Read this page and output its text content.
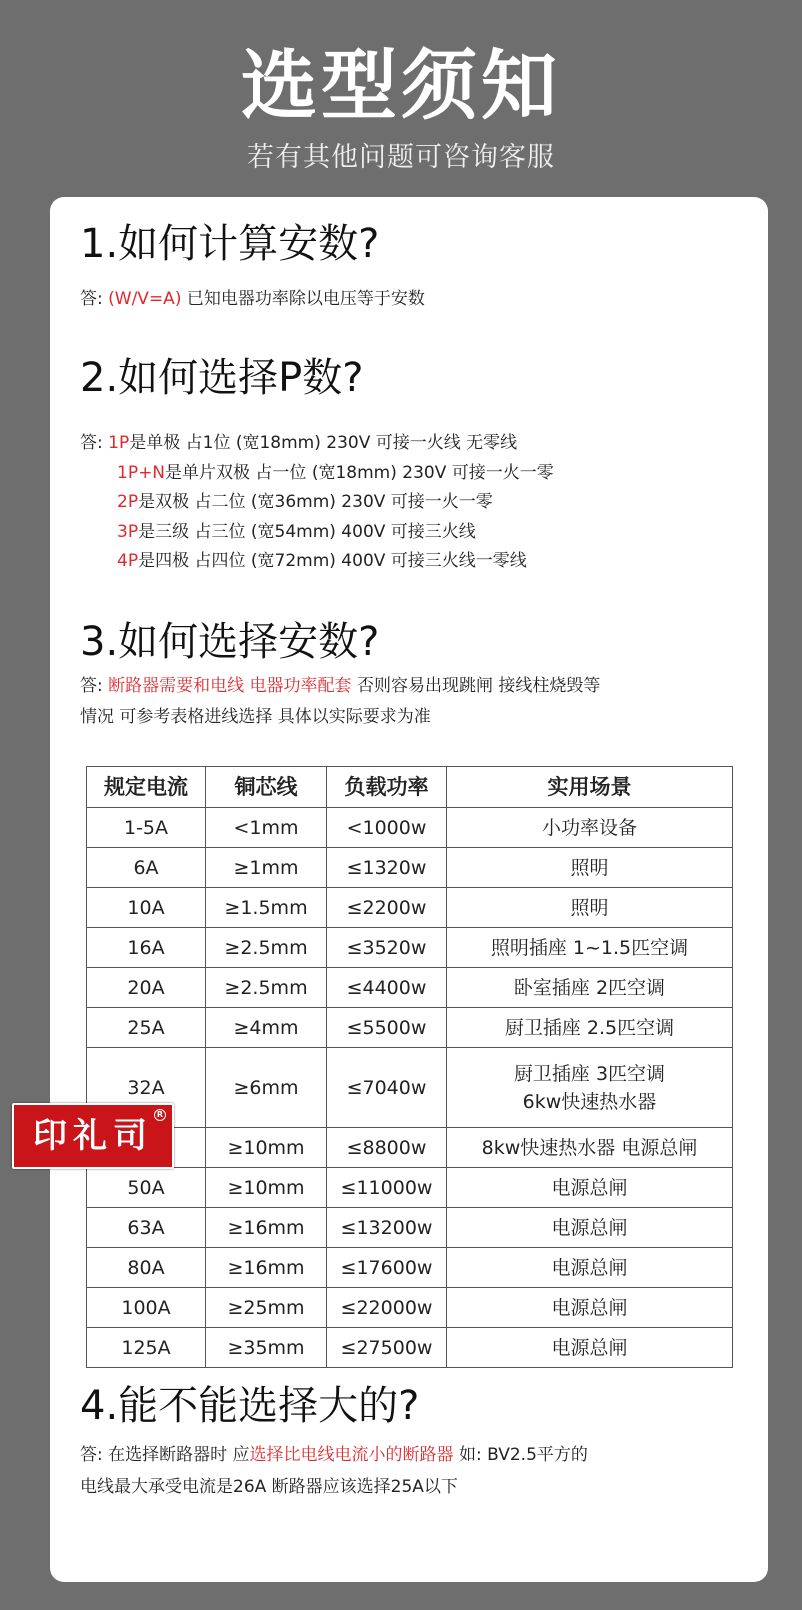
选型须知
若有其他问题可咨询客服
1.如何计算安数?
答: (W/V=A) 已知电器功率除以电压等于安数
2.如何选择P数?
答: 1P是单极 占1位 (宽18mm) 230V 可接一火线 无零线
1P+N是单片双极 占一位 (宽18mm) 230V 可接一火一零
2P是双极 占二位 (宽36mm) 230V 可接一火一零
3P是三级 占三位 (宽54mm) 400V 可接三火线
4P是四极 占四位 (宽72mm) 400V 可接三火线一零线
3.如何选择安数?
答: 断路器需要和电线 电器功率配套 否则容易出现跳闸 接线柱烧毁等
情况 可参考表格进线选择 具体以实际要求为准
规定电流	铜芯线	负载功率	实用场景
1-5A	<1mm	<1000w	小功率设备
6A	≥1mm	≤1320w	照明
10A	≥1.5mm	≤2200w	照明
16A	≥2.5mm	≤3520w	照明插座 1~1.5匹空调
20A	≥2.5mm	≤4400w	卧室插座 2匹空调
25A	≥4mm	≤5500w	厨卫插座 2.5匹空调
32A	≥6mm	≤7040w	厨卫插座 3匹空调
6kw快速热水器

	≥10mm	≤8800w	8kw快速热水器 电源总闸
50A	≥10mm	≤11000w	电源总闸
63A	≥16mm	≤13200w	电源总闸
80A	≥16mm	≤17600w	电源总闸
100A	≥25mm	≤22000w	电源总闸
125A	≥35mm	≤27500w	电源总闸
4.能不能选择大的?
答: 在选择断路器时 应选择比电线电流小的断路器 如: BV2.5平方的
电线最大承受电流是26A 断路器应该选择25A以下
印礼司
R
